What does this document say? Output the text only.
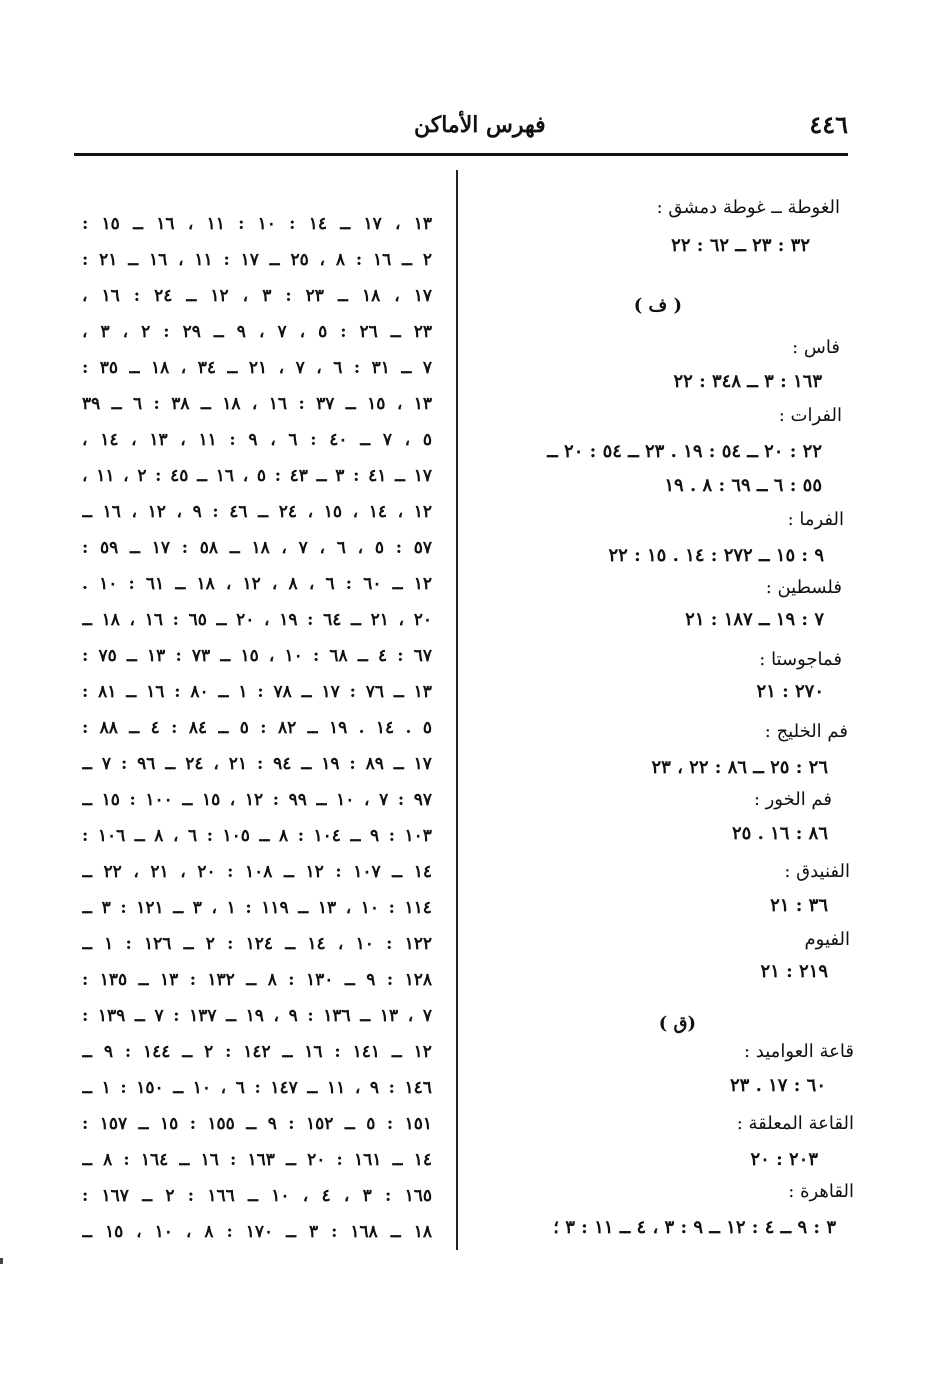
٤٤٦
فهرس الأماكن
الغوطة ــ غوطة دمشق :
٣٢ : ٢٣ ــ ٦٢ : ٢٢
( ف )
فاس :
١٦٣ : ٣ ــ ٣٤٨ : ٢٢
الفرات :
٢٢ : ٢٠ ــ ٥٤ : ١٩ . ٢٣ ــ ٥٤ : ٢٠ ــ
٥٥ : ٦ ــ ٦٩ : ٨ . ١٩
الفرما :
٩ : ١٥ ــ ٢٧٢ : ١٤ . ١٥ : ٢٢
فلسطين :
٧ : ١٩ ــ ١٨٧ : ٢١
فماجوستا :
٢٧٠ : ٢١
فم الخليج :
٢٦ : ٢٥ ــ ٨٦ : ٢٢ ، ٢٣
فم الخور :
٨٦ : ١٦ . ٢٥
الفنيدق :
٣٦ : ٢١
الفيوم
٢١٩ : ٢١
(ق )
قاعة العواميد :
٦٠ : ١٧ . ٢٣
القاعة المعلقة :
٢٠٣ : ٢٠
القاهرة :
٣ : ٩ ــ ٤ : ١٢ ــ ٩ : ٣ ، ٤ ــ ١١ : ٣ ؛
١٣ ، ١٧ ــ ١٤ : ١٠ : ١١ ، ١٦ ــ ١٥ :
٢ ــ ١٦ : ٨ ، ٢٥ ــ ١٧ : ١١ ، ١٦ ــ ٢١ :
١٧ ، ١٨ ــ ٢٣ : ٣ ، ١٢ ــ ٢٤ : ١٦ ،
٢٣ ــ ٢٦ : ٥ ، ٧ ، ٩ ــ ٢٩ : ٢ ، ٣ ،
٧ ــ ٣١ : ٦ ، ٧ ، ٢١ ــ ٣٤ ، ١٨ ــ ٣٥ :
١٣ ، ١٥ ــ ٣٧ : ١٦ ، ١٨ ــ ٣٨ : ٦ ــ ٣٩
٥ ، ٧ ــ ٤٠ : ٦ ، ٩ : ١١ ، ١٣ ، ١٤ ،
١٧ ــ ٤١ : ٣ ــ ٤٣ : ٥ ، ١٦ ــ ٤٥ : ٢ ، ١١ ،
١٢ ، ١٤ ، ١٥ ، ٢٤ ــ ٤٦ : ٩ ، ١٢ ، ١٦ ــ
٥٧ : ٥ ، ٦ ، ٧ ، ١٨ ــ ٥٨ : ١٧ ــ ٥٩ :
١٢ ــ ٦٠ : ٦ ، ٨ ، ١٢ ، ١٨ ــ ٦١ : ١٠ .
٢٠ ، ٢١ ــ ٦٤ : ١٩ ، ٢٠ ــ ٦٥ : ١٦ ، ١٨ ــ
٦٧ : ٤ ــ ٦٨ : ١٠ ، ١٥ ــ ٧٣ : ١٣ ــ ٧٥ :
١٣ ــ ٧٦ : ١٧ ــ ٧٨ : ١ ــ ٨٠ : ١٦ ــ ٨١ :
٥ . ١٤ . ١٩ ــ ٨٢ : ٥ ــ ٨٤ : ٤ ــ ٨٨ :
١٧ ــ ٨٩ : ١٩ ــ ٩٤ : ٢١ ، ٢٤ ــ ٩٦ : ٧ ــ
٩٧ : ٧ ، ١٠ ــ ٩٩ : ١٢ ، ١٥ ــ ١٠٠ : ١٥ ــ
١٠٣ : ٩ ــ ١٠٤ : ٨ ــ ١٠٥ : ٦ ، ٨ ــ ١٠٦ :
١٤ ــ ١٠٧ : ١٢ ــ ١٠٨ : ٢٠ ، ٢١ ، ٢٢ ــ
١١٤ : ١٠ ، ١٣ ــ ١١٩ : ١ ، ٣ ــ ١٢١ : ٣ ــ
١٢٢ : ١٠ ، ١٤ ــ ١٢٤ : ٢ ــ ١٢٦ : ١ ــ
١٢٨ : ٩ ــ ١٣٠ : ٨ ــ ١٣٢ : ١٣ ــ ١٣٥ :
٧ ، ١٣ ــ ١٣٦ : ٩ ، ١٩ ــ ١٣٧ : ٧ ــ ١٣٩ :
١٢ ــ ١٤١ : ١٦ ــ ١٤٢ : ٢ ــ ١٤٤ : ٩ ــ
١٤٦ : ٩ ، ١١ ــ ١٤٧ : ٦ ، ١٠ ــ ١٥٠ : ١ ــ
١٥١ : ٥ ــ ١٥٢ : ٩ ــ ١٥٥ : ١٥ ــ ١٥٧ :
١٤ ــ ١٦١ : ٢٠ ــ ١٦٣ : ١٦ ــ ١٦٤ : ٨ ــ
١٦٥ : ٣ ، ٤ ، ١٠ ــ ١٦٦ : ٢ ــ ١٦٧ :
١٨ ــ ١٦٨ : ٣ ــ ١٧٠ : ٨ ، ١٠ ، ١٥ ــ
